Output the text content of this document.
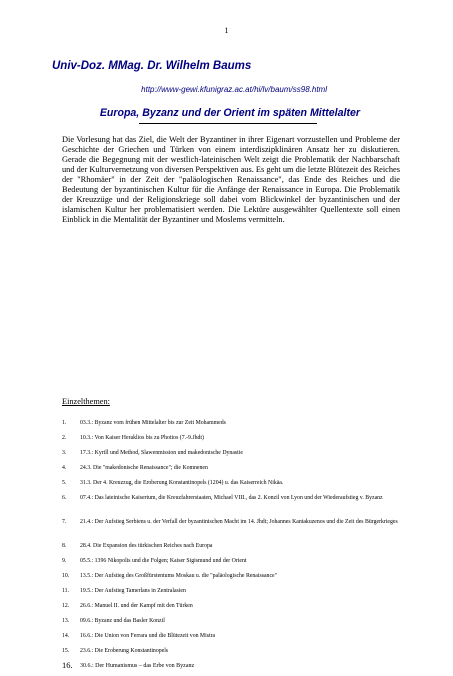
1
Univ-Doz. MMag. Dr. Wilhelm Baums
http://www-gewi.kfunigraz.ac.at/hi/lv/baum/ss98.html
Europa, Byzanz und der Orient im späten Mittelalter

Die Vorlesung hat das Ziel, die Welt der Byzantiner in ihrer Eigenart vorzustellen und Probleme der Geschichte der Griechen und Türken von einem interdiszipklinären Ansatz her zu diskutieren. Gerade die Begegnung mit der westlich-lateinischen Welt zeigt die Problematik der Nachbarschaft und der Kulturvernetzung von diversen Perspektiven aus. Es geht um die letzte Blütezeit des Reiches der "Rhomäer" in der Zeit der "paläologischen Renaissance", das Ende des Reiches und die Bedeutung der byzantinischen Kultur für die Anfänge der Renaissance in Europa. Die Problematik der Kreuzzüge und der Religionskriege soll dabei vom Blickwinkel der byzantinischen und der islamischen Kultur her problematisiert werden. Die Lektüre ausgewählter Quellentexte soll einen Einblick in die Mentalität der Byzantiner und Moslems vermitteln.

Einzelthemen:

1.	03.3.: Byzanz vom frühen Mittelalter bis zur Zeit Mohammeds
2.	10.3.: Von Kaiser Heraklios bis zu Photios (7.-9.Jhdt)
3.	17.3.: Kyrill und Method, Slawenmission und makedonische Dynastie
4.	24.3. Die "makedonische Renaissance"; die Komnenen
5.	31.3. Der 4. Kreuzzug, die Eroberung Konstantinopels (1204) u. das Kaiserreich Nikäa.
6.	07.4.: Das lateinische Kaisertum, die Kreuzfahrerstaaten, Michael VIII., das 2. Konzil von Lyon und der Wiederaufstieg v. Byzanz
7.	21.4.: Der Aufstieg Serbiens u. der Verfall der byzantinischen Macht im 14. Jhdt; Johannes Kantakuzenos und die Zeit des Bürgerkrieges
8.	28.4. Die Expansion des türkischen Reiches nach Europa
9.	05.5.: 1396 Nikopolis und die Folgen; Kaiser Sigismund und der Orient
10.	13.5.: Der Aufstieg des Großfürstentums Moskau u. die "paläologische Renaissance"
11.	19.5.: Der Aufstieg Tamerlans in Zentralasien
12.	26.6.: Manuel II. und der Kampf mit den Türken
13.	09.6.: Byzanz und das Basler Konzil
14.	16.6.: Die Union von Ferrara und die Blütezeit von Mistra
15.	23.6.: Die Eroberung Konstantinopels
16.	30.6.: Der Humanismus – das Erbe von Byzanz
